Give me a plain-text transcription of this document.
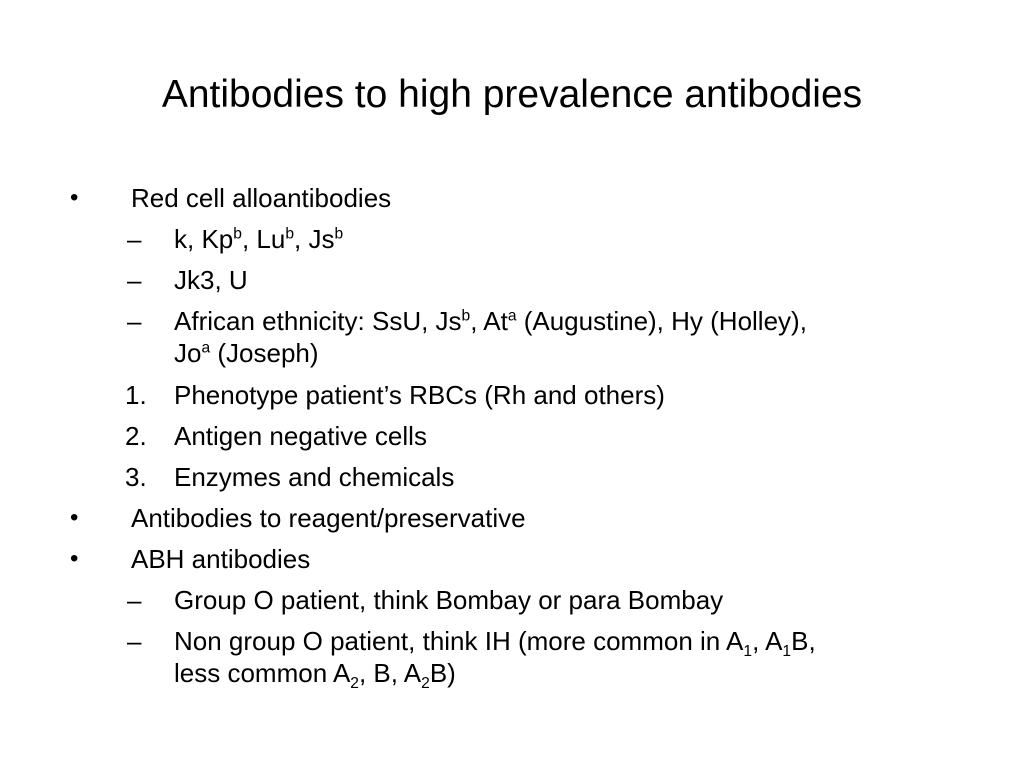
Antibodies to high prevalence antibodies
• Red cell alloantibodies
– k, Kp$^b$, Lu$^b$, Js$^b$
– Jk3, U
– African ethnicity: SsU, Js$^b$, At$^a$ (Augustine), Hy (Holley),
Jo$^a$ (Joseph)
1. Phenotype patient’s RBCs (Rh and others)
2. Antigen negative cells
3. Enzymes and chemicals
• Antibodies to reagent/preservative
• ABH antibodies
– Group O patient, think Bombay or para Bombay
– Non group O patient, think IH (more common in $A_1$, $A_1B$,
less common $A_2$, B, $A_2B$)
